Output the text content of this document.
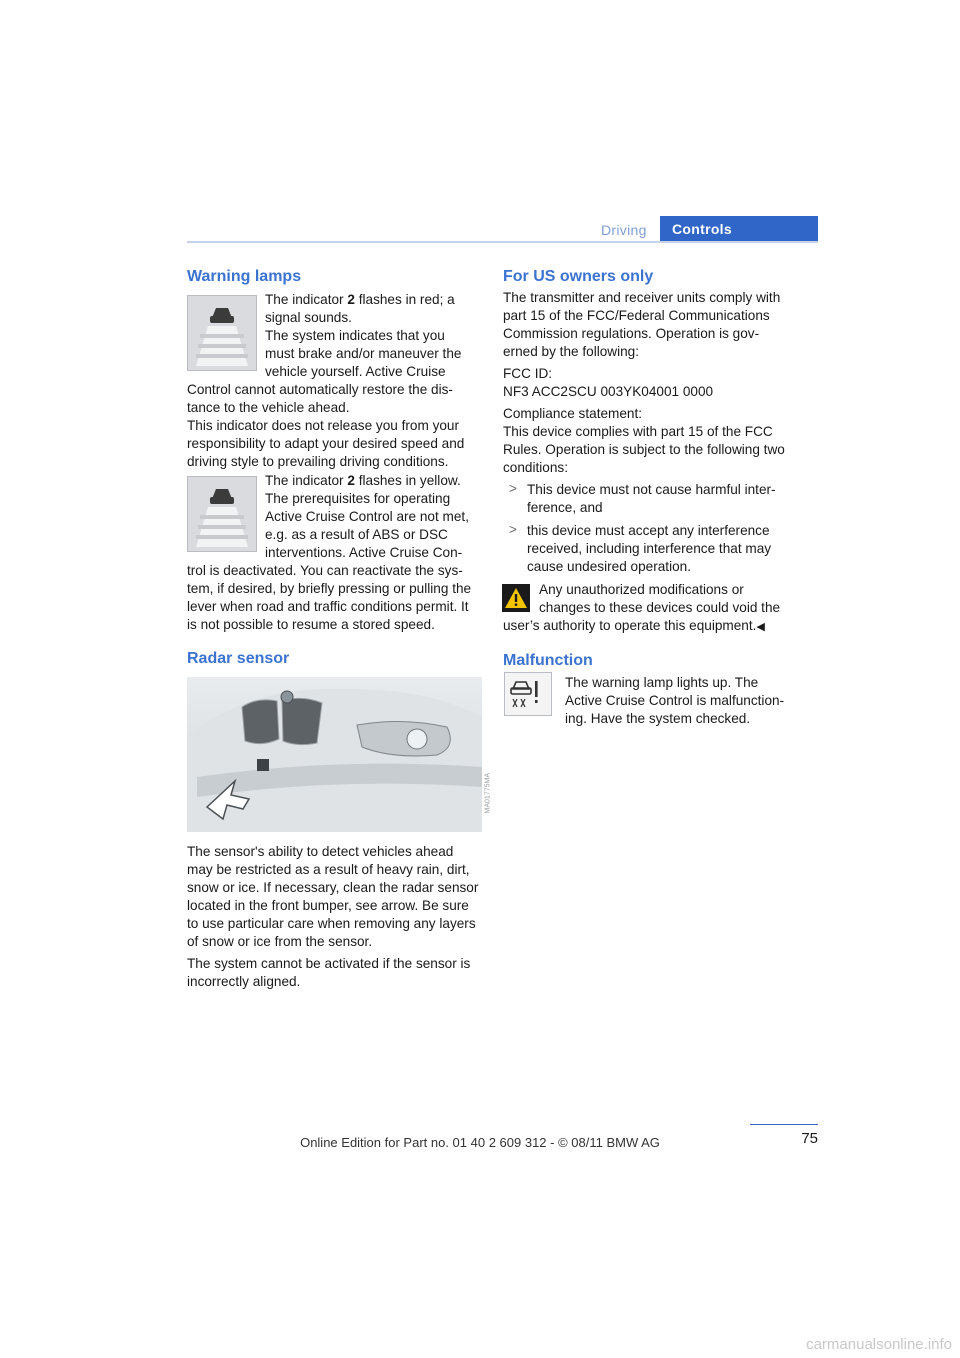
Driving	Controls
Warning lamps

The indicator 2 flashes in red; a

signal sounds.

The system indicates that you

must brake and/or maneuver the

vehicle yourself. Active Cruise

Control cannot automatically restore the dis-

tance to the vehicle ahead.

This indicator does not release you from your

responsibility to adapt your desired speed and

driving style to prevailing driving conditions.

The indicator 2 flashes in yellow.

The prerequisites for operating

Active Cruise Control are not met,

e.g. as a result of ABS or DSC

interventions. Active Cruise Con-

trol is deactivated. You can reactivate the sys-

tem, if desired, by briefly pressing or pulling the

lever when road and traffic conditions permit. It

is not possible to resume a stored speed.

Radar sensor
MA01775MA

The sensor's ability to detect vehicles ahead

may be restricted as a result of heavy rain, dirt,

snow or ice. If necessary, clean the radar sensor

located in the front bumper, see arrow. Be sure

to use particular care when removing any layers

of snow or ice from the sensor.

The system cannot be activated if the sensor is

incorrectly aligned.

For US owners only

The transmitter and receiver units comply with

part 15 of the FCC/Federal Communications

Commission regulations. Operation is gov-

erned by the following:

FCC ID:

NF3 ACC2SCU 003YK04001 0000

Compliance statement:

This device complies with part 15 of the FCC

Rules. Operation is subject to the following two

conditions:

> This device must not cause harmful inter-

ference, and

> this device must accept any interference

received, including interference that may

cause undesired operation.

Any unauthorized modifications or

changes to these devices could void the

user’s authority to operate this equipment.◀

Malfunction

The warning lamp lights up. The

Active Cruise Control is malfunction-

ing. Have the system checked.

75
Online Edition for Part no. 01 40 2 609 312 - © 08/11 BMW AG
carmanualsonline.info
